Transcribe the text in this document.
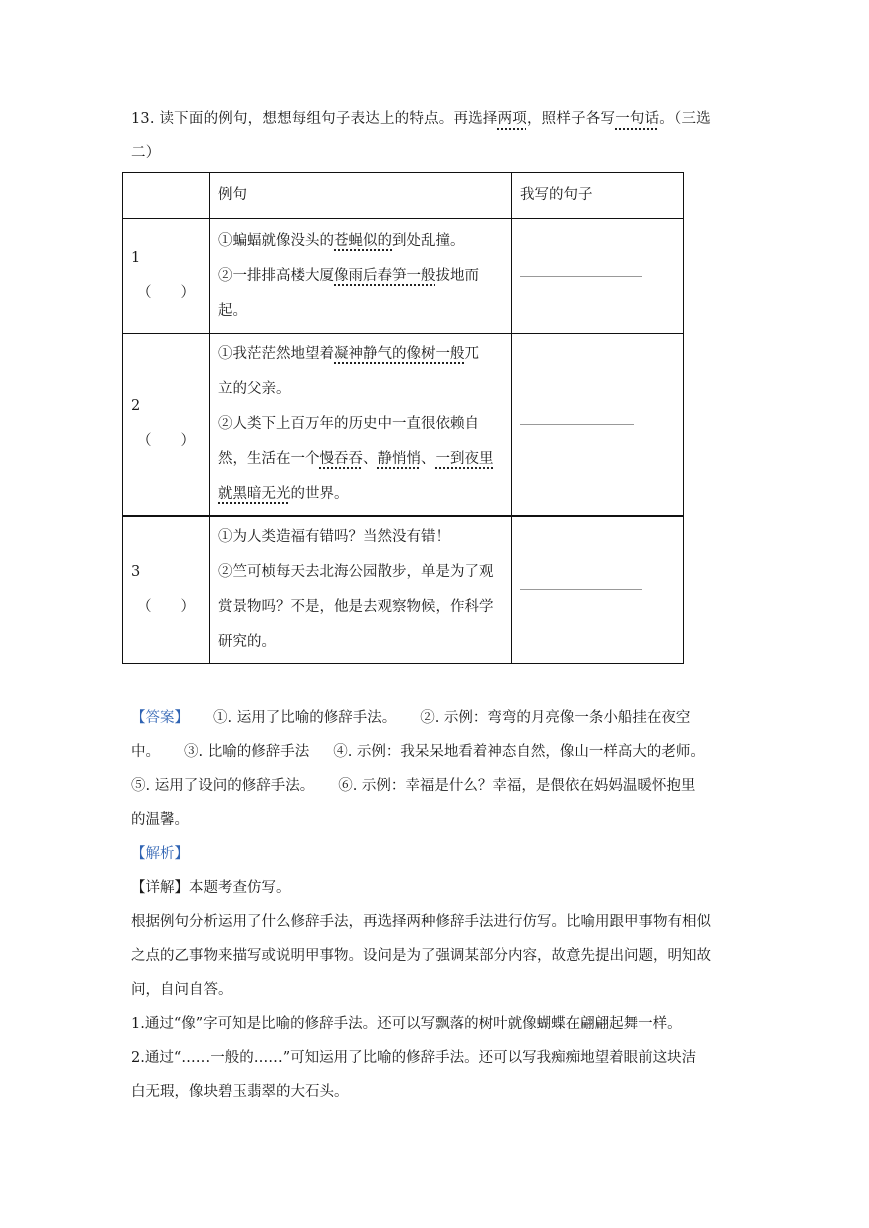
13. 读下面的例句，想想每组句子表达上的特点。再选择两项，照样子各写一句话。（三选
二）

	例句	我写的句子

1
（　　）	①蝙蝠就像没头的苍蝇似的到处乱撞。
②一排排高楼大厦像雨后春笋一般拔地而
起。	

2
（　　）	①我茫茫然地望着凝神静气的像树一般兀
立的父亲。
②人类下上百万年的历史中一直很依赖自
然，生活在一个慢吞吞、静悄悄、一到夜里
就黑暗无光的世界。	

3
（　　）	①为人类造福有错吗？当然没有错！
②竺可桢每天去北海公园散步，单是为了观
赏景物吗？不是，他是去观察物候，作科学
研究的。	

【答案】 ①. 运用了比喻的修辞手法。 ②. 示例：弯弯的月亮像一条小船挂在夜空

中。 ③. 比喻的修辞手法 ④. 示例：我呆呆地看着神态自然，像山一样高大的老师。

⑤. 运用了设问的修辞手法。 ⑥. 示例：幸福是什么？幸福，是偎依在妈妈温暖怀抱里

的温馨。

【解析】

【详解】本题考查仿写。

根据例句分析运用了什么修辞手法，再选择两种修辞手法进行仿写。比喻用跟甲事物有相似

之点的乙事物来描写或说明甲事物。设问是为了强调某部分内容，故意先提出问题，明知故

问，自问自答。

1.通过“像”字可知是比喻的修辞手法。还可以写飘落的树叶就像蝴蝶在翩翩起舞一样。

2.通过“……一般的……”可知运用了比喻的修辞手法。还可以写我痴痴地望着眼前这块洁

白无瑕，像块碧玉翡翠的大石头。
